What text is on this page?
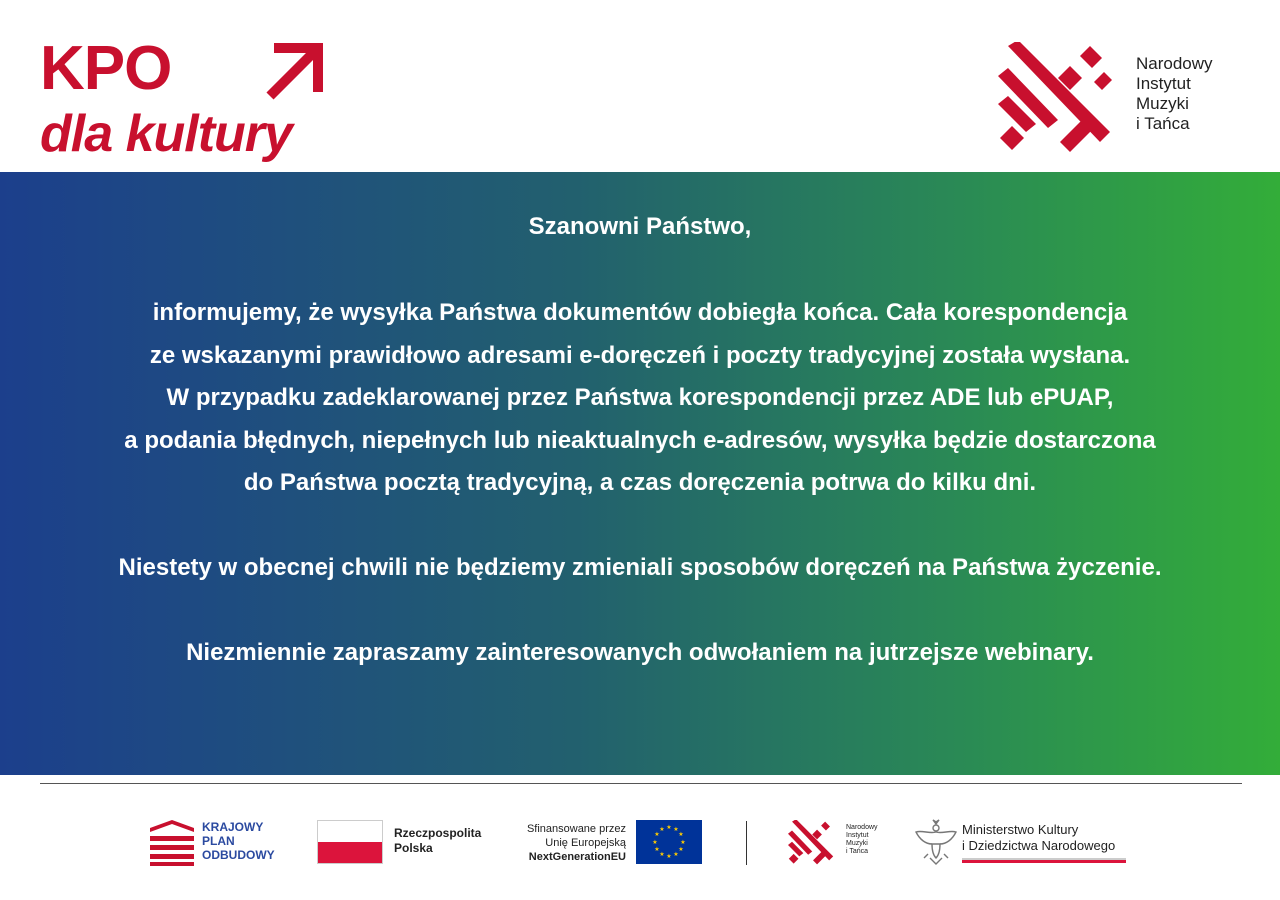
KPO
dla kultury
Narodowy
Instytut
Muzyki
i Tańca
Szanowni Państwo,
informujemy, że wysyłka Państwa dokumentów dobiegła końca. Cała korespondencja
ze wskazanymi prawidłowo adresami e-doręczeń i poczty tradycyjnej została wysłana.
W przypadku zadeklarowanej przez Państwa korespondencji przez ADE lub ePUAP,
a podania błędnych, niepełnych lub nieaktualnych e-adresów, wysyłka będzie dostarczona
do Państwa pocztą tradycyjną, a czas doręczenia potrwa do kilku dni.
Niestety w obecnej chwili nie będziemy zmieniali sposobów doręczeń na Państwa życzenie.
Niezmiennie zapraszamy zainteresowanych odwołaniem na jutrzejsze webinary.
KRAJOWY
PLAN
ODBUDOWY
Rzeczpospolita
Polska
Sfinansowane przez
Unię Europejską
NextGenerationEU
★ ★
★
★
★
★
★
★
★
★
★
★	Narodowy
Instytut
Muzyki
i Tańca
Ministerstwo Kultury
i Dziedzictwa Narodowego
